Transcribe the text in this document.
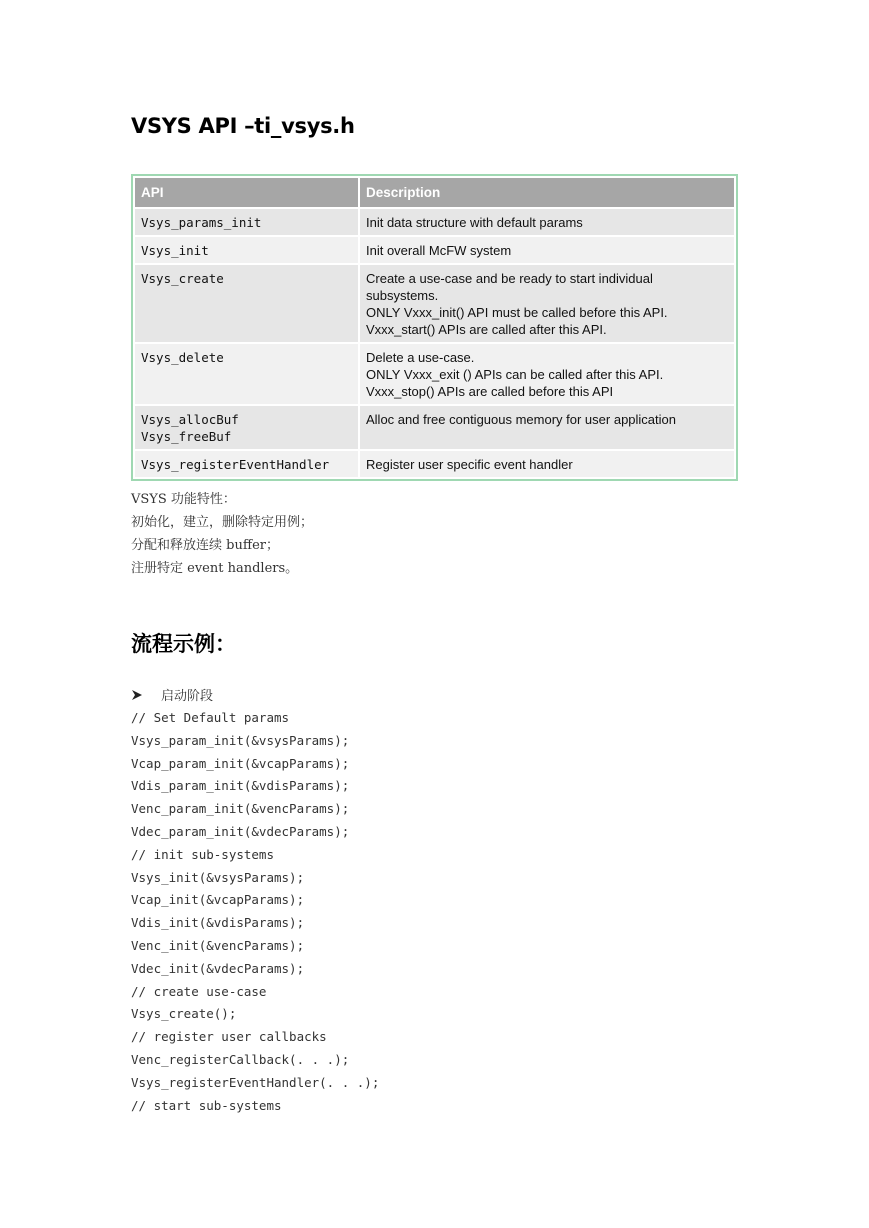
VSYS API –ti_vsys.h
API	Description
Vsys_params_init	Init data structure with default params
Vsys_init	Init overall McFW system
Vsys_create	Create a use-case and be ready to start individual subsystems.
ONLY Vxxx_init() API must be called before this API.
Vxxx_start() APIs are called after this API.
Vsys_delete	Delete a use-case.
ONLY Vxxx_exit () APIs can be called after this API.
Vxxx_stop() APIs are called before this API
Vsys_allocBuf
Vsys_freeBuf	Alloc and free contiguous memory for user application
Vsys_registerEventHandler	Register user specific event handler
VSYS 功能特性：
初始化，建立，删除特定用例；
分配和释放连续 buffer；
注册特定 event handlers。
流程示例：
启动阶段
// Set Default params
Vsys_param_init(&vsysParams);
Vcap_param_init(&vcapParams);
Vdis_param_init(&vdisParams);
Venc_param_init(&vencParams);
Vdec_param_init(&vdecParams);
// init sub-systems
Vsys_init(&vsysParams);
Vcap_init(&vcapParams);
Vdis_init(&vdisParams);
Venc_init(&vencParams);
Vdec_init(&vdecParams);
// create use-case
Vsys_create();
// register user callbacks
Venc_registerCallback(. . .);
Vsys_registerEventHandler(. . .);
// start sub-systems
